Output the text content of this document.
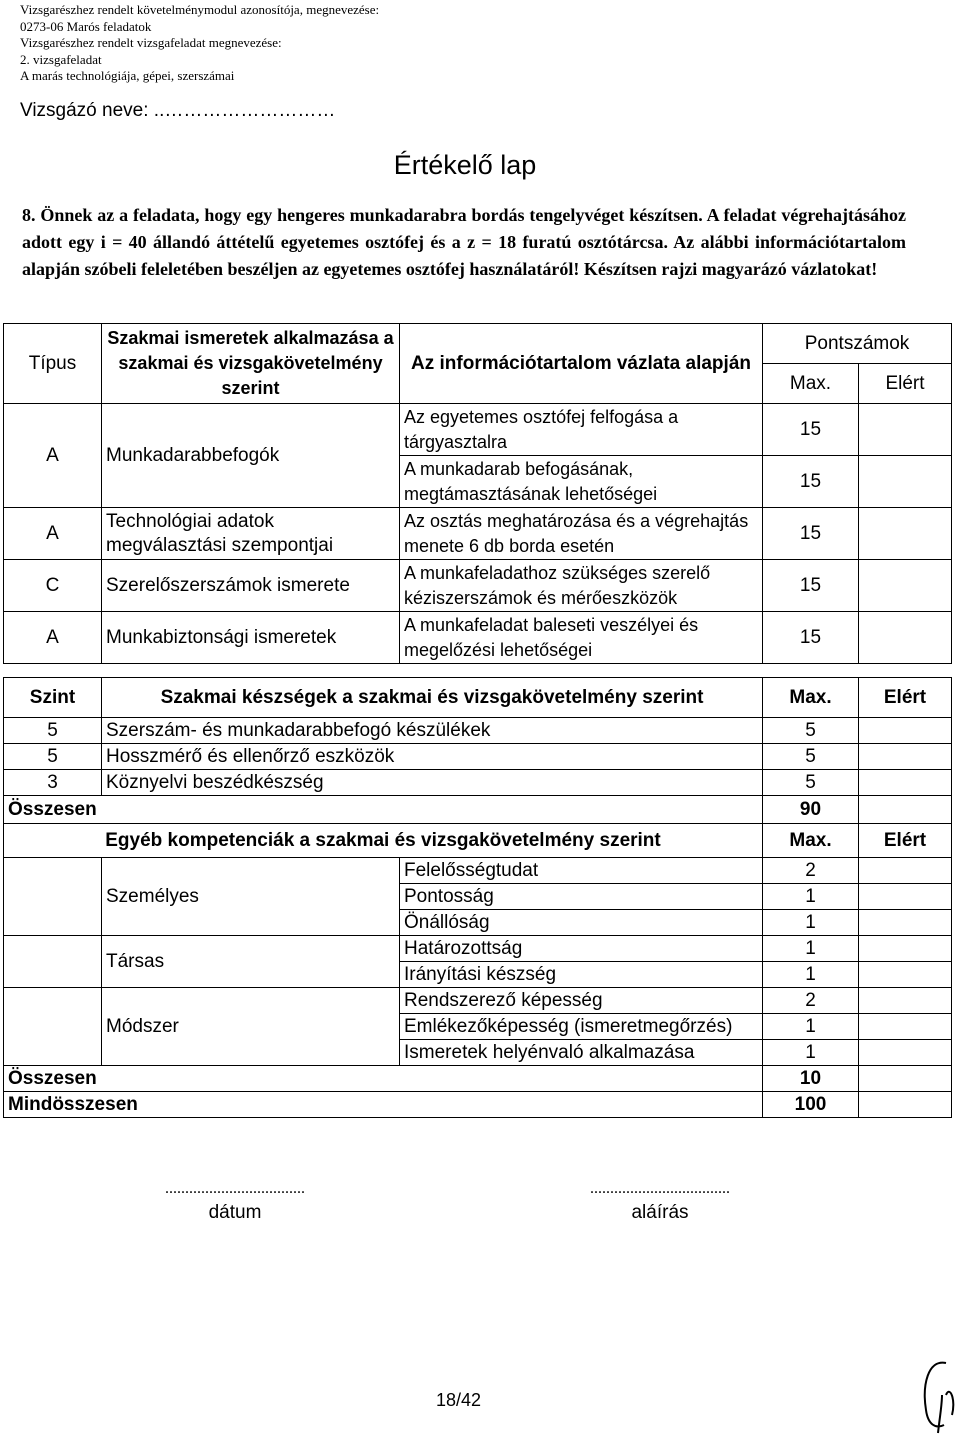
Vizsgarészhez rendelt követelménymodul azonosítója, megnevezése:
0273-06 Marós feladatok
Vizsgarészhez rendelt vizsgafeladat megnevezése:
2. vizsgafeladat
A marás technológiája, gépei, szerszámai
Vizsgázó neve: ..………………………
Értékelő lap
8. Önnek az a feladata, hogy egy hengeres munkadarabra bordás tengelyvéget készítsen. A feladat végrehajtásához adott egy i = 40 állandó áttételű egyetemes osztófej és a z = 18 furatú osztótárcsa. Az alábbi információtartalom alapján szóbeli feleletében beszéljen az egyetemes osztófej használatáról! Készítsen rajzi magyarázó vázlatokat!
Típus	Szakmai ismeretek alkalmazása a szakmai és vizsgakövetelmény szerint	Az információtartalom vázlata alapján	Pontszámok	
			Max.	Elért
A	Munkadarabbefogók	Az egyetemes osztófej felfogása a tárgyasztalra	15	
		A munkadarab befogásának, megtámasztásának lehetőségei	15	
A	Technológiai adatok megválasztási szempontjai	Az osztás meghatározása és a végrehajtás menete 6 db borda esetén	15	
C	Szerelőszerszámok ismerete	A munkafeladathoz szükséges szerelő kéziszerszámok és mérőeszközök	15	
A	Munkabiztonsági ismeretek	A munkafeladat baleseti veszélyei és megelőzési lehetőségei	15	

Szint	Szakmai készségek a szakmai és vizsgakövetelmény szerint		Max.	Elért
5	Szerszám- és munkadarabbefogó készülékek		5	
5	Hosszmérő és ellenőrző eszközök		5	
3	Köznyelvi beszédkészség		5	
Összesen			90	
Egyéb kompetenciák a szakmai és vizsgakövetelmény szerint			Max.	Elért
	Személyes	Felelősségtudat	2	
		Pontosság	1	
		Önállóság	1	
	Társas	Határozottság	1	
		Irányítási készség	1	
	Módszer	Rendszerező képesség	2	
		Emlékezőképesség (ismeretmegőrzés)	1	
		Ismeretek helyénvaló alkalmazása	1	
Összesen			10	
Mindösszesen			100	
...................................
dátum
...................................
aláírás
18/42
